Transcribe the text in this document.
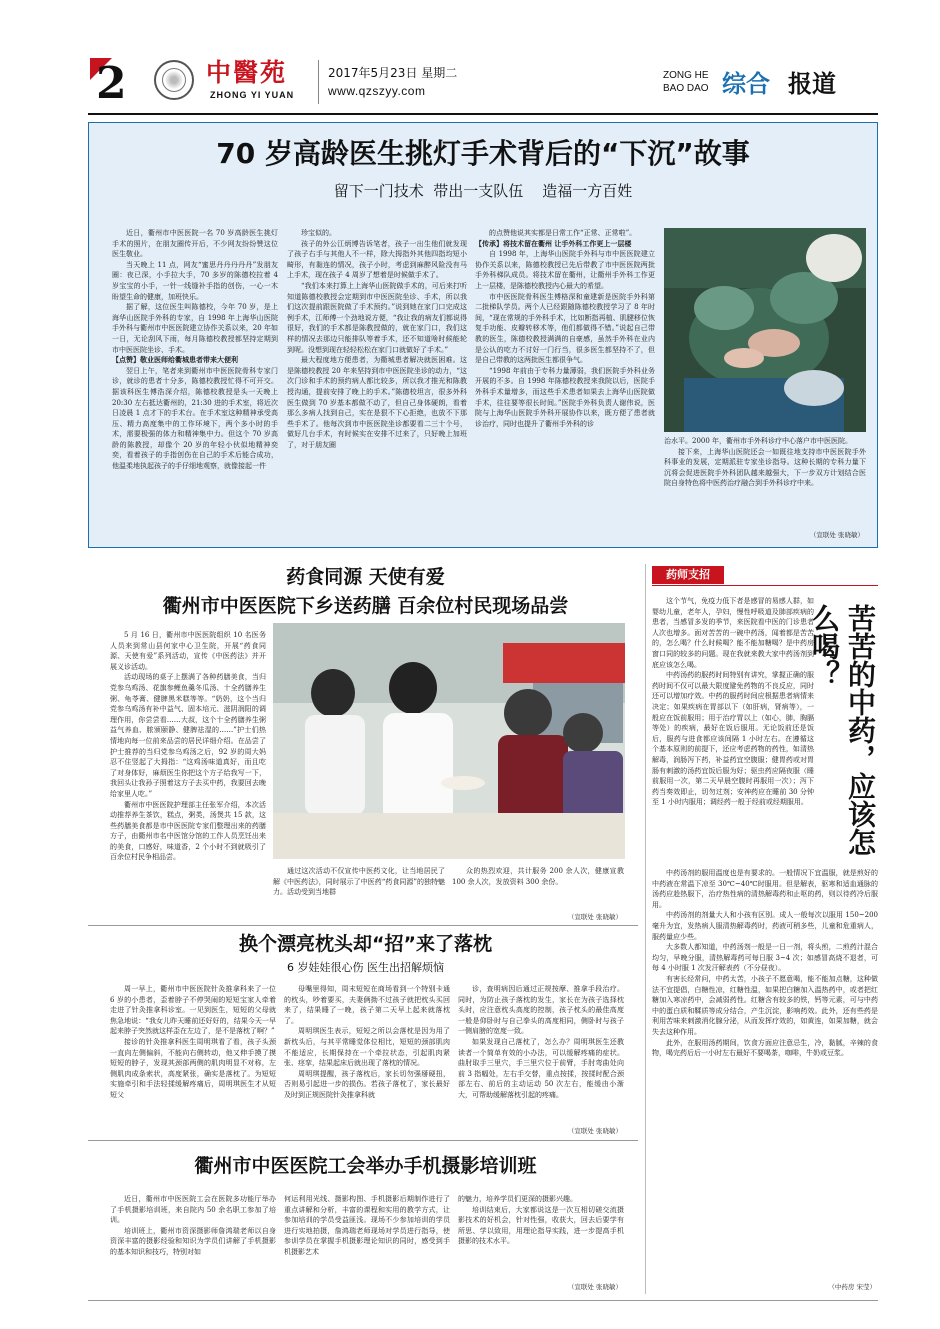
2	中醫苑
ZHONG YI YUAN
2017年5月23日 星期二
www.qzszyy.com
ZONG HE
BAO DAO 综合 报道
70 岁高龄医生挑灯手术背后的“下沉”故事
留下一门技术  带出一支队伍    造福一方百姓

近日，衢州市中医医院一名 70 岁高龄医生挑灯手术的照片，在朋友圈传开后，不少网友纷纷赞这位医生敬业。

当天晚上 11 点，网友“蜜思丹丹丹丹丹”发朋友圈：夜已深，小手拉大手，70 多岁的陈德校拉着 4 岁宝宝的小手，一针一线缝补手指的创伤，一心一木盼望生命的健康，加班快乐。

据了解，这位医生叫陈德校，今年 70 岁，是上海华山医院手外科的专家，自 1998 年上海华山医院手外科与衢州市中医医院建立协作关系以来，20 年如一日，无论刮风下雨，每月陈德校教授都坚持定期到市中医医院坐诊、手术。

【点赞】敬业医师给衢城患者带来大便利

翌日上午，笔者来到衢州市中医医院骨科专家门诊，就诊的患者十分多，陈德校教授忙得不可开交。据该科医生傅浩深介绍，陈德校教授是头一天晚上 20:30 左右抵达衢州的，21:30 进的手术室，将近次日凌晨 1 点才下的手术台。在手术室这种精神承受高压、精力高度集中的工作环境下，两个多小时的手术，需要极强的体力和精神集中力。但这个 70 岁高龄的陈教授，却像个 20 岁的年轻小伙似地精神奕奕，看着孩子的手指创伤在自己的手术后能合成功，他温柔地执起孩子的手仔细地观察，就像接起一件

珍宝似的。

孩子的外公江炳博告诉笔者，孩子一出生他们就发现了孩子右手与其他人不一样，除大拇指外其他四指均短小畸形，有黏连的情况，孩子小时，考虑到麻醉风险没有马上手术，现在孩子 4 周岁了想着是时候做手术了。

“我们本来打算上上海华山医院做手术的，可后来打听知道陈德校教授会定期到市中医医院坐诊、手术，所以我们这次提前跟医院做了手术预约。”说到她在家门口完成这例手术，江师傅一个劲地说方便，“我让我的病友们都说得很好，我们的手术都是陈教授做的，就在家门口，我们这样的情况去那边只能排队等着手术，还不知道啥时候能轮到呢。没想到现在轻轻松松在家门口就做好了手术。”

最大程度地方便患者，为衢城患者解决就医困难。这是陈德校教授 20 年来坚持到市中医医院坐诊的动力，“这次门诊和手术的预约病人都比较多，所以我才推光和陈教授沟通，提前安排了晚上的手术。”陈德校坦言，很多外科医生做到 70 岁基本都做不动了，但自己身体硬朗，看着那么多病人找到自己，实在是狠不下心拒绝，也放不下那些手术了。他每次到市中医医院坐诊都要看二三十个号，做好几台手术，有时候实在安排不过来了，只好晚上加班了，对于朋友圈

的点赞他说其实都是日常工作“正常、正常啦”。

【传承】将技术留在衢州 让手外科工作更上一层楼

自 1998 年，上海华山医院手外科与市中医医院建立协作关系以来，陈德校教授已先后带教了市中医医院两批手外科梯队成员。将技术留在衢州，让衢州手外科工作更上一层楼，是陈德校教授内心最大的希望。

市中医医院骨科医生傅格深和童建新是医院手外科第二批梯队学员。两个人已经跟随陈德校教授学习了 8 年时间，“现在常规的手外科手术，比如断指再植、肌腱移位恢复手功能、皮瓣转移术等，他们都做得不错。”说起自己带教的医生，陈德校教授满满的自豪感，虽然手外科在业内是公认的吃力不讨好一门行当，很多医生都坚持不了，但是自己带教的这两批医生都很争气。

“1998 年前由于专科力量薄弱，我们医院手外科业务开展的不多。自 1998 年陈德校教授来我院以后，医院手外科手术量增多，而这些手术患者如果去上海华山医院做手术，往往要等很长时间。”医院手外科负责人谢伟说，医院与上海华山医院手外科开展协作以来，既方便了患者就诊治疗，同时也提升了衢州手外科的诊

治水平。2000 年，衢州市手外科诊疗中心落户市中医医院。

接下来，上海华山医院还会一如既往地支持市中医医院手外科事业的发展，定期派驻专家坐诊指导。这种长期的专科力量下沉将会促进医院手外科团队越来越强大，下一步双方计划结合医院自身特色将中医药治疗融合到手外科诊疗中来。

（宣联处 张晓敏）
药食同源 天使有爱
衢州市中医医院下乡送药膳 百余位村民现场品尝

5 月 16 日，衢州市中医医院组织 10 名医务人员来到常山县何家中心卫生院，开展“药食同源、天使有爱”系列活动，宣传《中医药法》并开展义诊活动。

活动现场的桌子上摆满了各种药膳美食，当归党参乌鸡汤、花旗参鲤鱼羹冬瓜汤、十全药膳养生粥、龟苓膏、健脾黑米糕等等。“奶奶，这个当归党参乌鸡汤有补中益气、固本培元、滋阴润阳的调理作用，你尝尝看……大叔，这个十全药膳养生粥益气养血、脓颁颐静、健脾祛湿的……”护士们热情地向每一位前来品尝的居民详细介绍。在品尝了护士推荐的当归党参乌鸡汤之后，92 岁的周大妈忍不住竖起了大拇指：“这鸡汤味道真好，而且吃了对身体好，麻烦医生你把这个方子给我写一下，我回头让我孙子照着这方子去买中药，我要回去晚给家里人吃。”

衢州市中医医院护理部主任张军介绍，本次活动推荐养生茶饮，糕点，粥类，汤煲共 15 款，这些药膳美食都是市中医医院专家们整理出来的药膳方子，由衢州市名中医馆分馆的工作人员烹饪出来的美食，口感好，味道香，2 个小时不到就吸引了百余位村民争相品尝。

通过这次活动不仅宣传中医药文化，让当地居民了解《中医药法》，同时展示了中医药“药食同源”的独特魅力。活动受到当地群

众的热烈欢迎，共计服务 200 余人次，健康宣教 100 余人次，发放资料 300 余份。

（宣联处 张晓敏）
换个漂亮枕头却“招”来了落枕
6 岁娃娃很心伤 医生出招解烦恼

周一早上，衢州市中医医院针灸推拿科来了一位 6 岁的小患者，歪着脖子不停哭闹的短短宝家人牵着走进了针灸推拿科诊室。一见到医生，短短的父母就焦急地说：“我女儿昨天睡前还好好的，结果今天一早起来脖子突然就这样歪在左边了，是不是落枕了啊？”

接诊的针灸推拿科医生周明琪看了看，孩子头颈一直向左侧偏斜，不能向右侧转动，他又伸手摸了摸短短的脖子，发现其颈部两侧的肌肉明显不对称，左侧肌肉成条索状，高度紧张，确实是落枕了。为短短实施牵引和手法轻揉缓解疼痛后，周明琪医生才从短短父

母嘴里得知，周末短短在商场看到一个特别卡通的枕头，吵着要买，夫妻俩拗不过孩子就把枕头买回来了，结果睡了一晚，孩子第二天早上起来就落枕了。

周明琪医生表示，短短之所以会落枕是因为用了新枕头后，与其平常睡觉体位相比，短短的颈部肌肉不能适应，长期保持在一个牵拉状态，引起肌肉紧张、痉挛，结果起床后就出现了落枕的情况。

周明琪提醒，孩子落枕后，家长切勿强掰硬扭，否则易引起进一步的损伤。若孩子落枕了，家长最好及时到正规医院针灸推拿科就

诊，查明病因后通过正规按摩、推拿手段治疗。同时，为防止孩子落枕的发生，家长在为孩子选择枕头时，应注意枕头高度的控制，孩子枕头的最佳高度一般是仰卧时与自己拳头的高度相同，侧卧时与孩子一侧肩膀的宽度一致。

如果发现自己落枕了，怎么办？周明琪医生还教读者一个简单有效的小办法，可以缓解疼痛的症状。曲肘取手三里穴，手三里穴位于前臂，手肘弯曲处向前 3 指幅处，左右手交替，重点按揉，按揉时配合颈部左右、前后的主动运动 50 次左右，能缓由小渐大，可帮助缓解落枕引起的疼痛。

（宣联处 张晓敏）
衢州市中医医院工会举办手机摄影培训班

近日，衢州市中医医院工会在医院多功能厅举办了手机摄影培训班，来自院内 50 余名职工参加了培训。

培训班上，衢州市资深摄影师詹鸿瑞老师以自身资深丰富的摄影经验和知识为学员们讲解了手机摄影的基本知识和技巧，特别对如

何运利用光线、摄影构图、手机摄影后期制作进行了重点讲解和分析，丰富的课程和实用的教学方式，让参加培训的学员受益匪浅。现场不少参加培训的学员进行实地拍摄，詹鸿瑞老师现场对学员进行指导，使参训学员在掌握手机摄影理论知识的同时，感受到手机摄影艺术

的魅力，培养学员们更深的摄影兴趣。

培训结束后，大家都说这是一次互相切磋交流摄影技术的好机会，针对性强，收获大，回去后要学有所思、学以致用，用理论指导实践，进一步提高手机摄影的技术水平。

（宣联处 张晓敏）
药师支招
苦苦的中药，应该怎么喝？

这个节气，免疫力低下者是感冒的易感人群，如婴幼儿童，老年人，孕妇，慢性呼吸道及肺部疾病的患者，当感冒多发的季节，来医院看中医的门诊患者人次也增多。面对苦苦的一碗中药汤，闻着都是苦苦的，怎么喝？什么时候喝？能不能加糖喝？是中药房窗口同的较多的问题。现在我就来教大家中药汤剂到底应该怎么喝。

中药汤药的服药时间特别有讲究，掌握正确的服药时间不仅可以最大限度避免药物的不良反应，同时还可以增加疗效。中药的服药时间应根据患者病情来决定；如果疾病在胃部以下（如肝病，肾病等），一般应在饭前服用；用于治疗胃以上（如心，肺，胸膈等处）的疾病，最好在饭后服用。无论饭前还是饭后，服药与进食都应该间隔 1 小时左右。在遵循这个基本原则的前提下，还应考虑药物的药性，如清热解毒，润肠泻下药，补益药宜空腹服；健胃药或对胃肠有刺激的汤药宜饭后服为好；驱虫药应隔夜服（睡前服用一次，第二天早晨空腹时再服用一次）；泻下药当奏效即止，切勿过剂；安神药应在睡前 30 分钟至 1 小时内服用；调经药一般于经前或经期服用。

中药汤剂的服用温度也是有要求的。一般情况下宜温服，就是煎好的中药液在常温下凉至 30℃~40℃时服用。但是解表，驱寒和适血通脉的汤药应趁热服下，治疗热性病的清热解毒药和止呕的药，则以待药冷后服用。

中药汤剂的剂量大人和小孩有区别。成人一般每次以服用 150~200 毫升为宜，发热病人服清热解毒药时，药液可稍多些，儿童和危重病人，服药量应少些。

大多数人都知道，中药汤剂一般是一日一剂，将头煎，二煎药汁混合均匀，早晚分服，清热解毒药可每日服 3~4 次；如感冒高烧不退者，可每 4 小时服 1 次发汗解表药（不分昼夜）。

有害长经常问，中药太苦，小孩子不愿意喝，能不能加点糖，这种做法不宜提倡，白糖性凉，红糖性温，如果把白糖加入温热药中，或者把红糖加入寒凉药中，会减弱药性。红糖含有较多的铁，钙等元素，可与中药中的蛋白质和鞣质等成分结合，产生沉淀，影响药效。此外，还有些药是利用苦味来刺激消化腺分泌，从而发挥疗效的，如黄连，如果加糖，就会失去这种作用。

此外，在服用汤药期间，饮食方面应注意忌生，冷，黏腻，辛辣的食物，喝完药后后一小时左右最好不要喝茶，咖啡，牛奶或豆浆。

（中药房 宋莹）
